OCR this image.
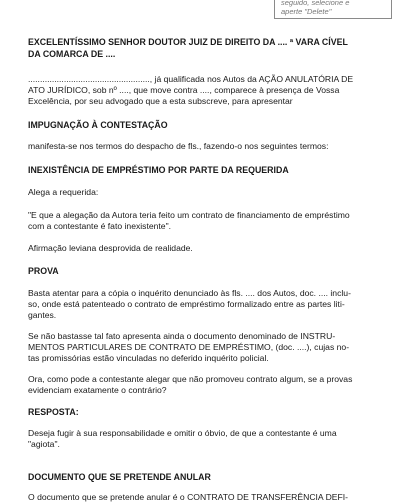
seguido, selecione e
aperte "Delete"
EXCELENTÍSSIMO SENHOR DOUTOR JUIZ DE DIREITO DA .... ª VARA CÍVEL
DA COMARCA DE ....

..................................................., já qualificada nos Autos da AÇÃO ANULATÓRIA DE
ATO JURÍDICO, sob nº ...., que move contra ...., comparece à presença de Vossa
Excelência, por seu advogado que a esta subscreve, para apresentar

IMPUGNAÇÃO À CONTESTAÇÃO

manifesta-se nos termos do despacho de fls., fazendo-o nos seguintes termos:

INEXISTÊNCIA DE EMPRÉSTIMO POR PARTE DA REQUERIDA

Alega a requerida:

"E que a alegação da Autora teria feito um contrato de financiamento de empréstimo
com a contestante é fato inexistente".

Afirmação leviana desprovida de realidade.

PROVA

Basta atentar para a cópia o inquérito denunciado às fls. .... dos Autos, doc. .... inclu-
so, onde está patenteado o contrato de empréstimo formalizado entre as partes liti-
gantes.

Se não bastasse tal fato apresenta ainda o documento denominado de INSTRU-
MENTOS PARTICULARES DE CONTRATO DE EMPRÉSTIMO, (doc. ....), cujas no-
tas promissórias estão vinculadas no deferido inquérito policial.

Ora, como pode a contestante alegar que não promoveu contrato algum, se a provas
evidenciam exatamente o contrário?

RESPOSTA:

Deseja fugir à sua responsabilidade e omitir o óbvio, de que a contestante é uma
"agiota".

DOCUMENTO QUE SE PRETENDE ANULAR

O documento que se pretende anular é o CONTRATO DE TRANSFERÊNCIA DEFI-
